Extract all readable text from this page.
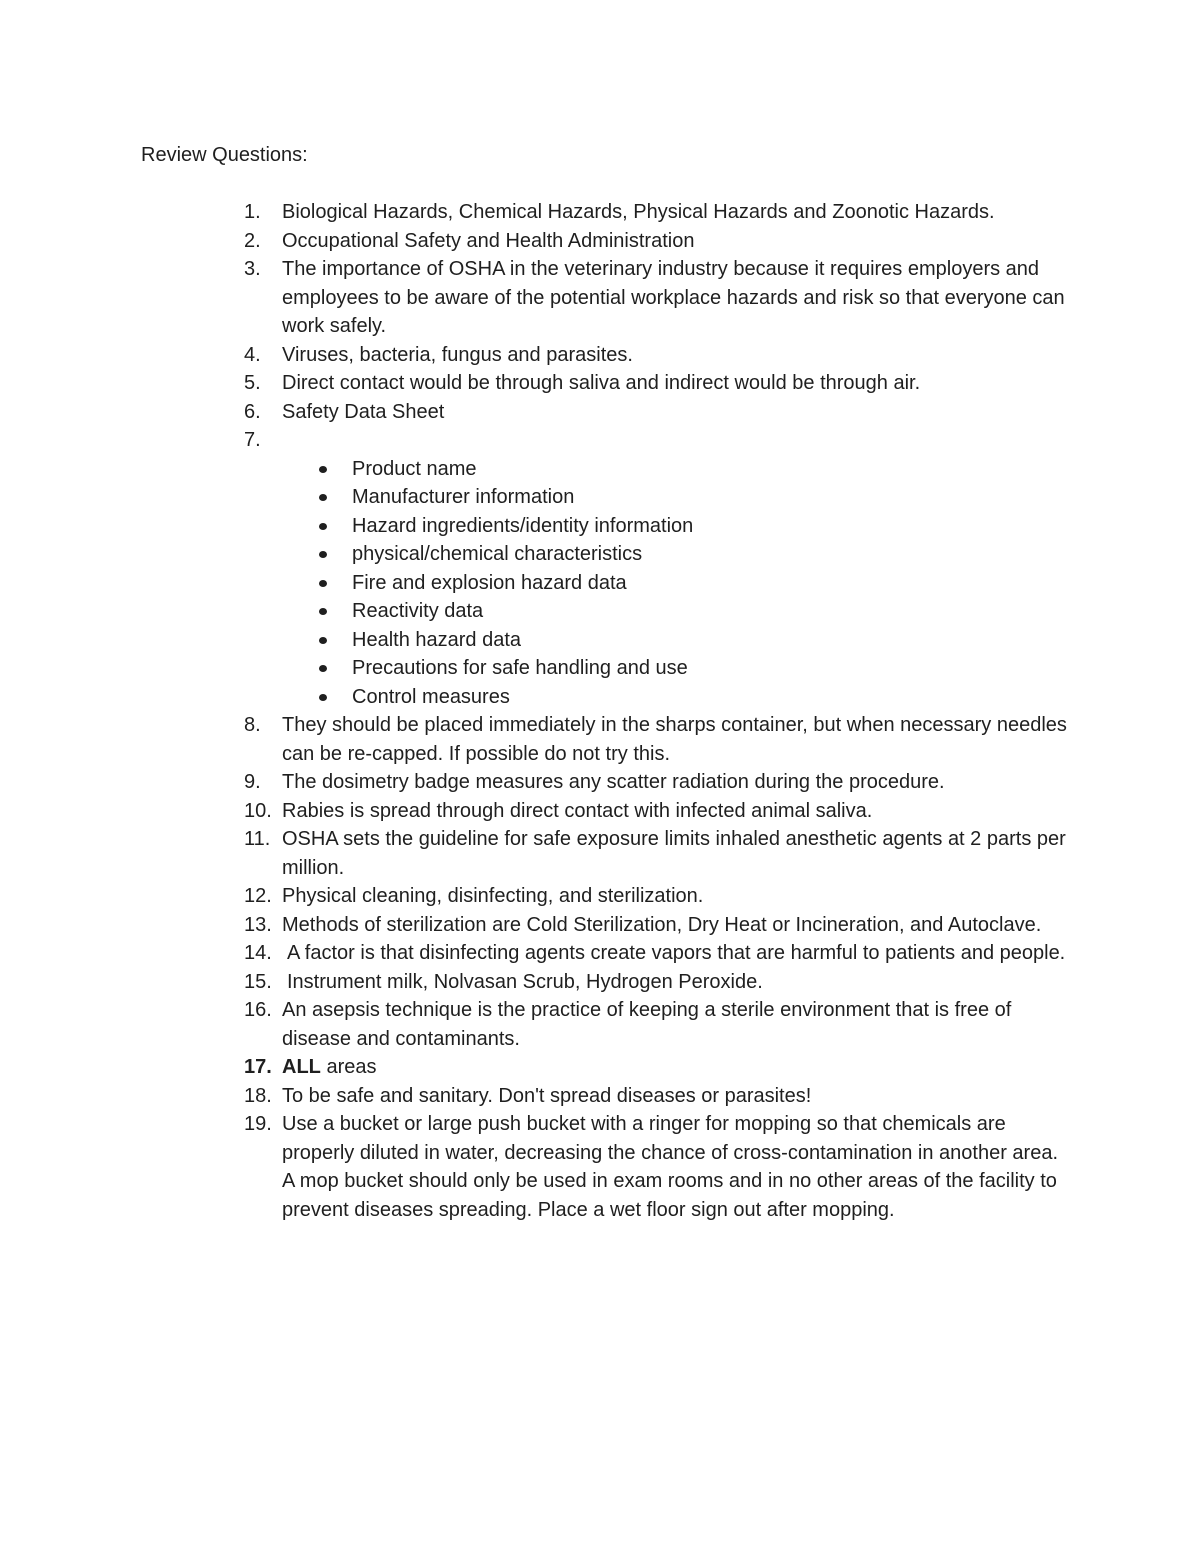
Review Questions:
1. Biological Hazards, Chemical Hazards, Physical Hazards and Zoonotic Hazards.
2. Occupational Safety and Health Administration
3. The importance of OSHA in the veterinary industry because it requires employers and employees to be aware of the potential workplace hazards and risk so that everyone can work safely.
4. Viruses, bacteria, fungus and parasites.
5. Direct contact would be through saliva and indirect would be through air.
6. Safety Data Sheet
7.
Product name
Manufacturer information
Hazard ingredients/identity information
physical/chemical characteristics
Fire and explosion hazard data
Reactivity data
Health hazard data
Precautions for safe handling and use
Control measures
8. They should be placed immediately in the sharps container, but when necessary needles can be re-capped. If possible do not try this.
9. The dosimetry badge measures any scatter radiation during the procedure.
10. Rabies is spread through direct contact with infected animal saliva.
11. OSHA sets the guideline for safe exposure limits inhaled anesthetic agents at 2 parts per million.
12. Physical cleaning, disinfecting, and sterilization.
13. Methods of sterilization are Cold Sterilization, Dry Heat or Incineration, and Autoclave.
14. A factor is that disinfecting agents create vapors that are harmful to patients and people.
15. Instrument milk, Nolvasan Scrub, Hydrogen Peroxide.
16. An asepsis technique is the practice of keeping a sterile environment that is free of disease and contaminants.
17. ALL areas
18. To be safe and sanitary. Don't spread diseases or parasites!
19. Use a bucket or large push bucket with a ringer for mopping so that chemicals are properly diluted in water, decreasing the chance of cross-contamination in another area. A mop bucket should only be used in exam rooms and in no other areas of the facility to prevent diseases spreading. Place a wet floor sign out after mopping.
